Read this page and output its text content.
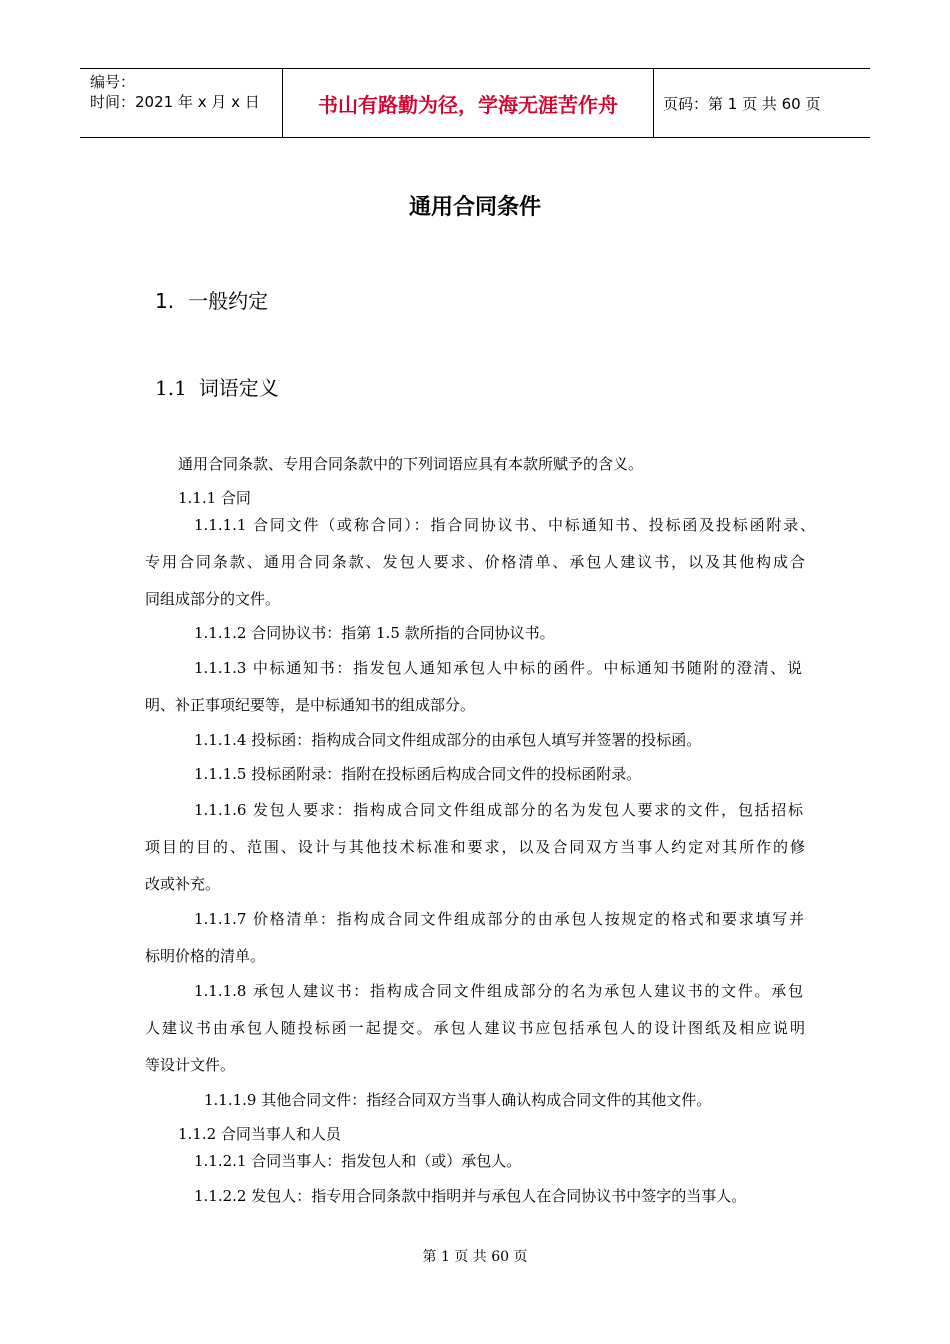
编号：
时间：2021 年 x 月 x 日	书山有路勤为径，学海无涯苦作舟	页码：第 1 页 共 60 页
通用合同条件
1. 一般约定
1.1 词语定义
通用合同条款、专用合同条款中的下列词语应具有本款所赋予的含义。
1.1.1 合同
1.1.1.1 合同文件（或称合同）：指合同协议书、中标通知书、投标函及投标函附录、
专用合同条款、通用合同条款、发包人要求、价格清单、承包人建议书，以及其他构成合
同组成部分的文件。
1.1.1.2 合同协议书：指第 1.5 款所指的合同协议书。
1.1.1.3 中标通知书：指发包人通知承包人中标的函件。中标通知书随附的澄清、说
明、补正事项纪要等，是中标通知书的组成部分。
1.1.1.4 投标函：指构成合同文件组成部分的由承包人填写并签署的投标函。
1.1.1.5 投标函附录：指附在投标函后构成合同文件的投标函附录。
1.1.1.6 发包人要求：指构成合同文件组成部分的名为发包人要求的文件，包括招标
项目的目的、范围、设计与其他技术标准和要求，以及合同双方当事人约定对其所作的修
改或补充。
1.1.1.7 价格清单：指构成合同文件组成部分的由承包人按规定的格式和要求填写并
标明价格的清单。
1.1.1.8 承包人建议书：指构成合同文件组成部分的名为承包人建议书的文件。承包
人建议书由承包人随投标函一起提交。承包人建议书应包括承包人的设计图纸及相应说明
等设计文件。
1.1.1.9 其他合同文件：指经合同双方当事人确认构成合同文件的其他文件。
1.1.2 合同当事人和人员
1.1.2.1 合同当事人：指发包人和（或）承包人。
1.1.2.2 发包人：指专用合同条款中指明并与承包人在合同协议书中签字的当事人。
第 1 页 共 60 页
